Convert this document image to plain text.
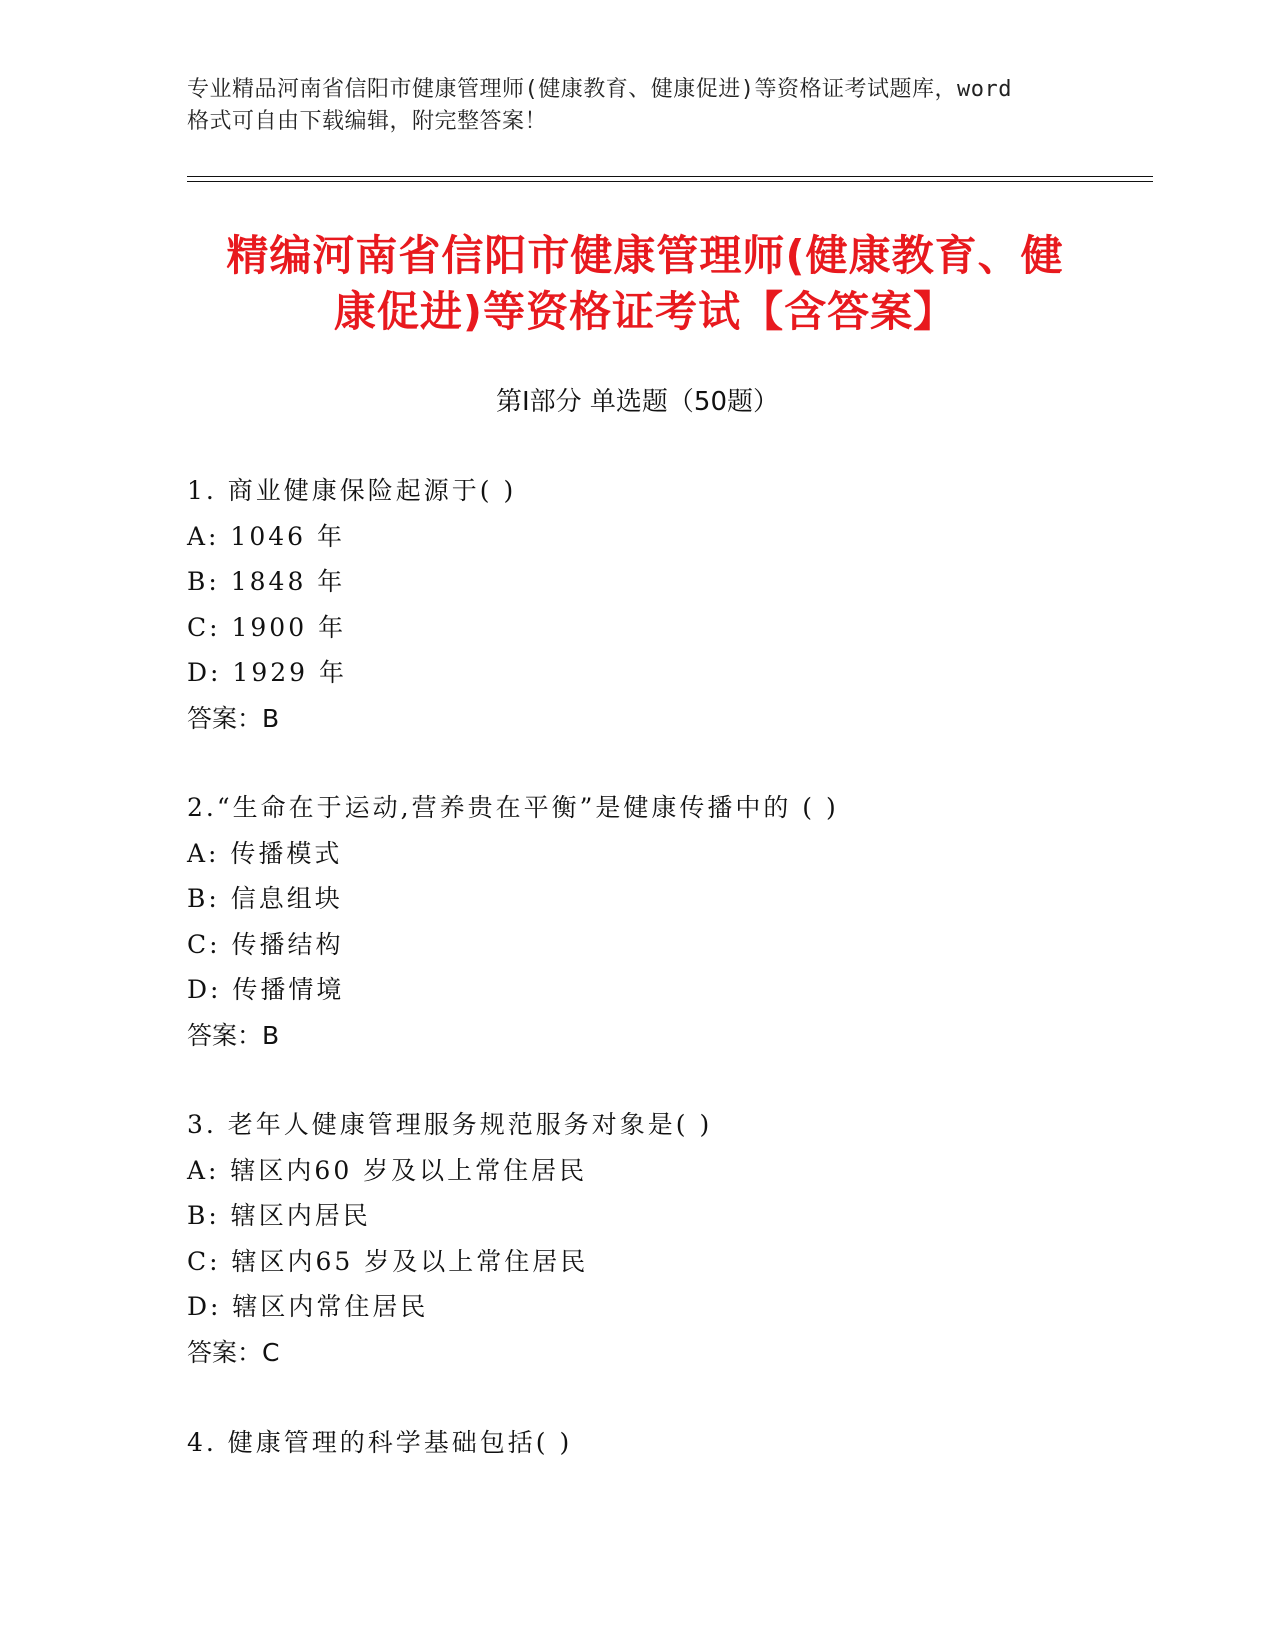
专业精品河南省信阳市健康管理师(健康教育、健康促进)等资格证考试题库，word
格式可自由下载编辑，附完整答案！
精编河南省信阳市健康管理师(健康教育、健
康促进)等资格证考试【含答案】
第Ⅰ部分 单选题（50题）
1. 商业健康保险起源于( )
A: 1046 年
B: 1848 年
C: 1900 年
D: 1929 年
答案：B
2.“生命在于运动,营养贵在平衡”是健康传播中的 ( )
A: 传播模式
B: 信息组块
C: 传播结构
D: 传播情境
答案：B
3. 老年人健康管理服务规范服务对象是( )
A: 辖区内60 岁及以上常住居民
B: 辖区内居民
C: 辖区内65 岁及以上常住居民
D: 辖区内常住居民
答案：C
4. 健康管理的科学基础包括( )
